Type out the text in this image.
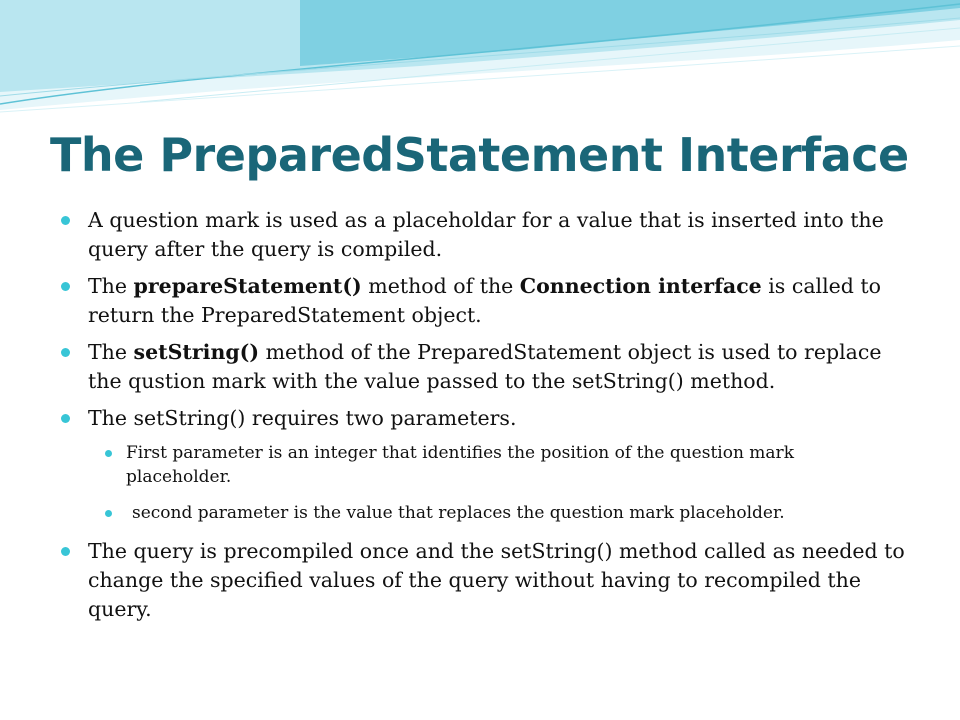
The PreparedStatement Interface

A question mark is used as a placeholdar for a value that is inserted into the query after the query is compiled.

The prepareStatement() method of the Connection interface is called to return the PreparedStatement object.

The setString() method of the PreparedStatement object is used to replace the qustion mark with the value passed to the setString() method.

The setString() requires two parameters.

First parameter is an integer that identifies the position of the question mark placeholder.

second parameter is the value that replaces the question mark placeholder.

The query is precompiled once and the setString() method called as needed to change the specified values of the query without having to recompiled the query.
